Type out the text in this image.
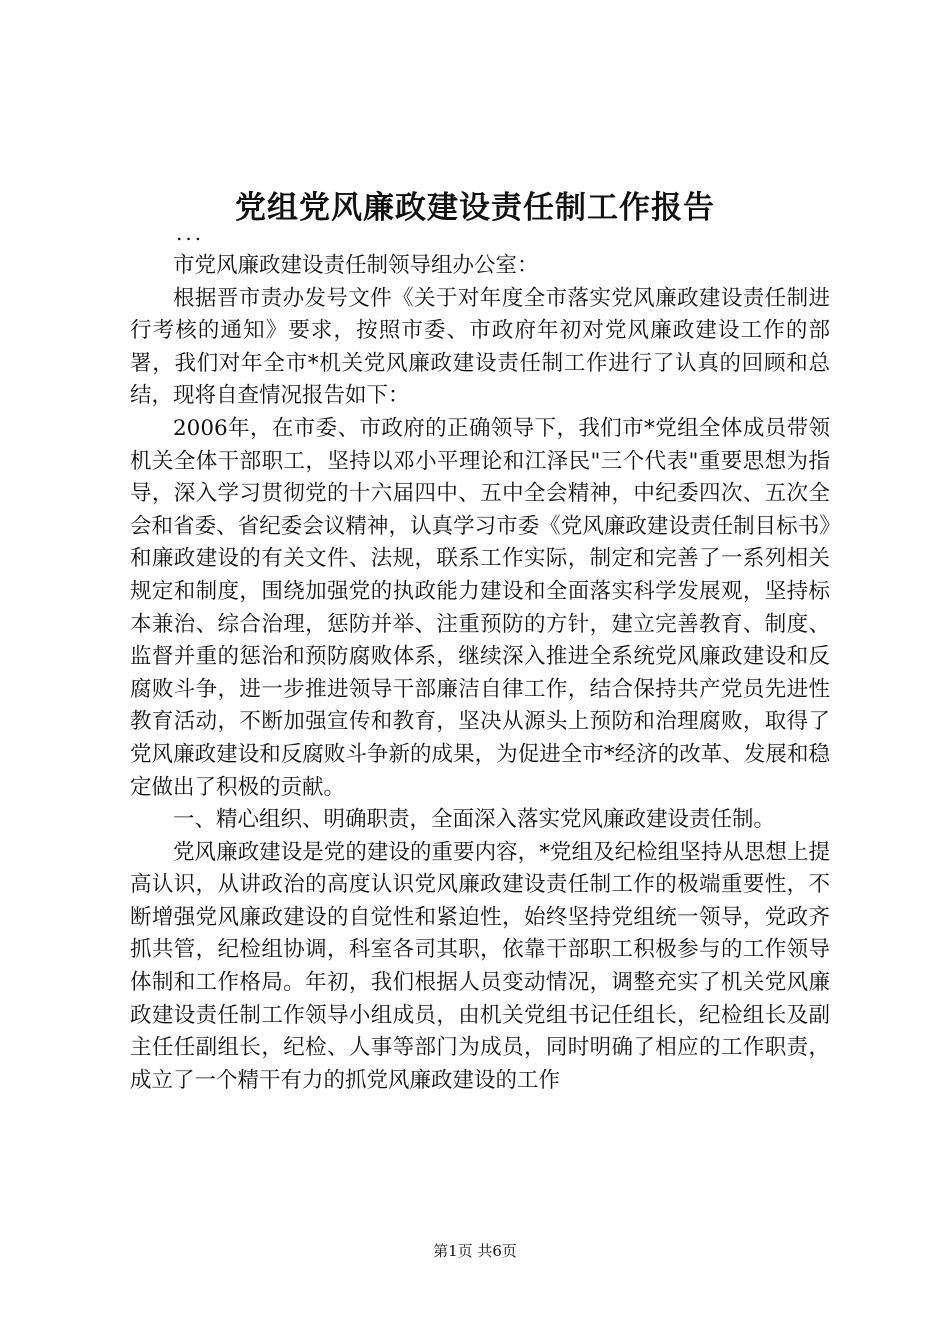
党组党风廉政建设责任制工作报告
...

市党风廉政建设责任制领导组办公室：

根据晋市责办发号文件《关于对年度全市落实党风廉政建设责任制进行考核的通知》要求，按照市委、市政府年初对党风廉政建设工作的部署，我们对年全市*机关党风廉政建设责任制工作进行了认真的回顾和总结，现将自查情况报告如下：

2006年，在市委、市政府的正确领导下，我们市*党组全体成员带领机关全体干部职工，坚持以邓小平理论和江泽民"三个代表"重要思想为指导，深入学习贯彻党的十六届四中、五中全会精神，中纪委四次、五次全会和省委、省纪委会议精神，认真学习市委《党风廉政建设责任制目标书》和廉政建设的有关文件、法规，联系工作实际，制定和完善了一系列相关规定和制度，围绕加强党的执政能力建设和全面落实科学发展观，坚持标本兼治、综合治理，惩防并举、注重预防的方针，建立完善教育、制度、监督并重的惩治和预防腐败体系，继续深入推进全系统党风廉政建设和反腐败斗争，进一步推进领导干部廉洁自律工作，结合保持共产党员先进性教育活动，不断加强宣传和教育，坚决从源头上预防和治理腐败，取得了党风廉政建设和反腐败斗争新的成果，为促进全市*经济的改革、发展和稳定做出了积极的贡献。

一、精心组织、明确职责，全面深入落实党风廉政建设责任制。

党风廉政建设是党的建设的重要内容，*党组及纪检组坚持从思想上提高认识，从讲政治的高度认识党风廉政建设责任制工作的极端重要性，不断增强党风廉政建设的自觉性和紧迫性，始终坚持党组统一领导，党政齐抓共管，纪检组协调，科室各司其职，依靠干部职工积极参与的工作领导体制和工作格局。年初，我们根据人员变动情况，调整充实了机关党风廉政建设责任制工作领导小组成员，由机关党组书记任组长，纪检组长及副主任任副组长，纪检、人事等部门为成员，同时明确了相应的工作职责，成立了一个精干有力的抓党风廉政建设的工作

第1页 共6页
